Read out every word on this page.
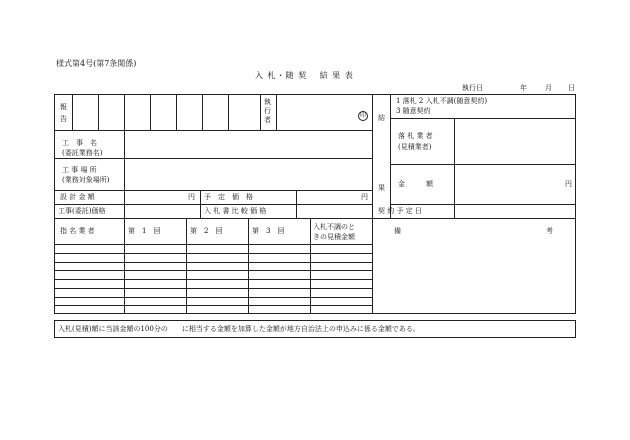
様式第4号(第7条関係)
入 札・随 契　 結 果 表
執行日	年	月 日
報
告
執
行
者
印 結

果
1 落札 2 入札不調(随意契約)
3 随意契約
落 札 業 者
(見積業者)
金　　　額	円
契 約 予 定 日
工　事　名
(委託業務名)
工 事 場 所
(業務対象場所)
設 計 金 額	円 予　定　価　格	円
工事(委託)価格	入 札 書 比 較 価 格
指 名 業 者	第　1　回	第　2　回	第　3　回	入札不調のと
きの見積金額
備	考
入札(見積)額に当該金額の100分の　　に相当する金額を加算した金額が地方自治法上の申込みに係る金額である。
